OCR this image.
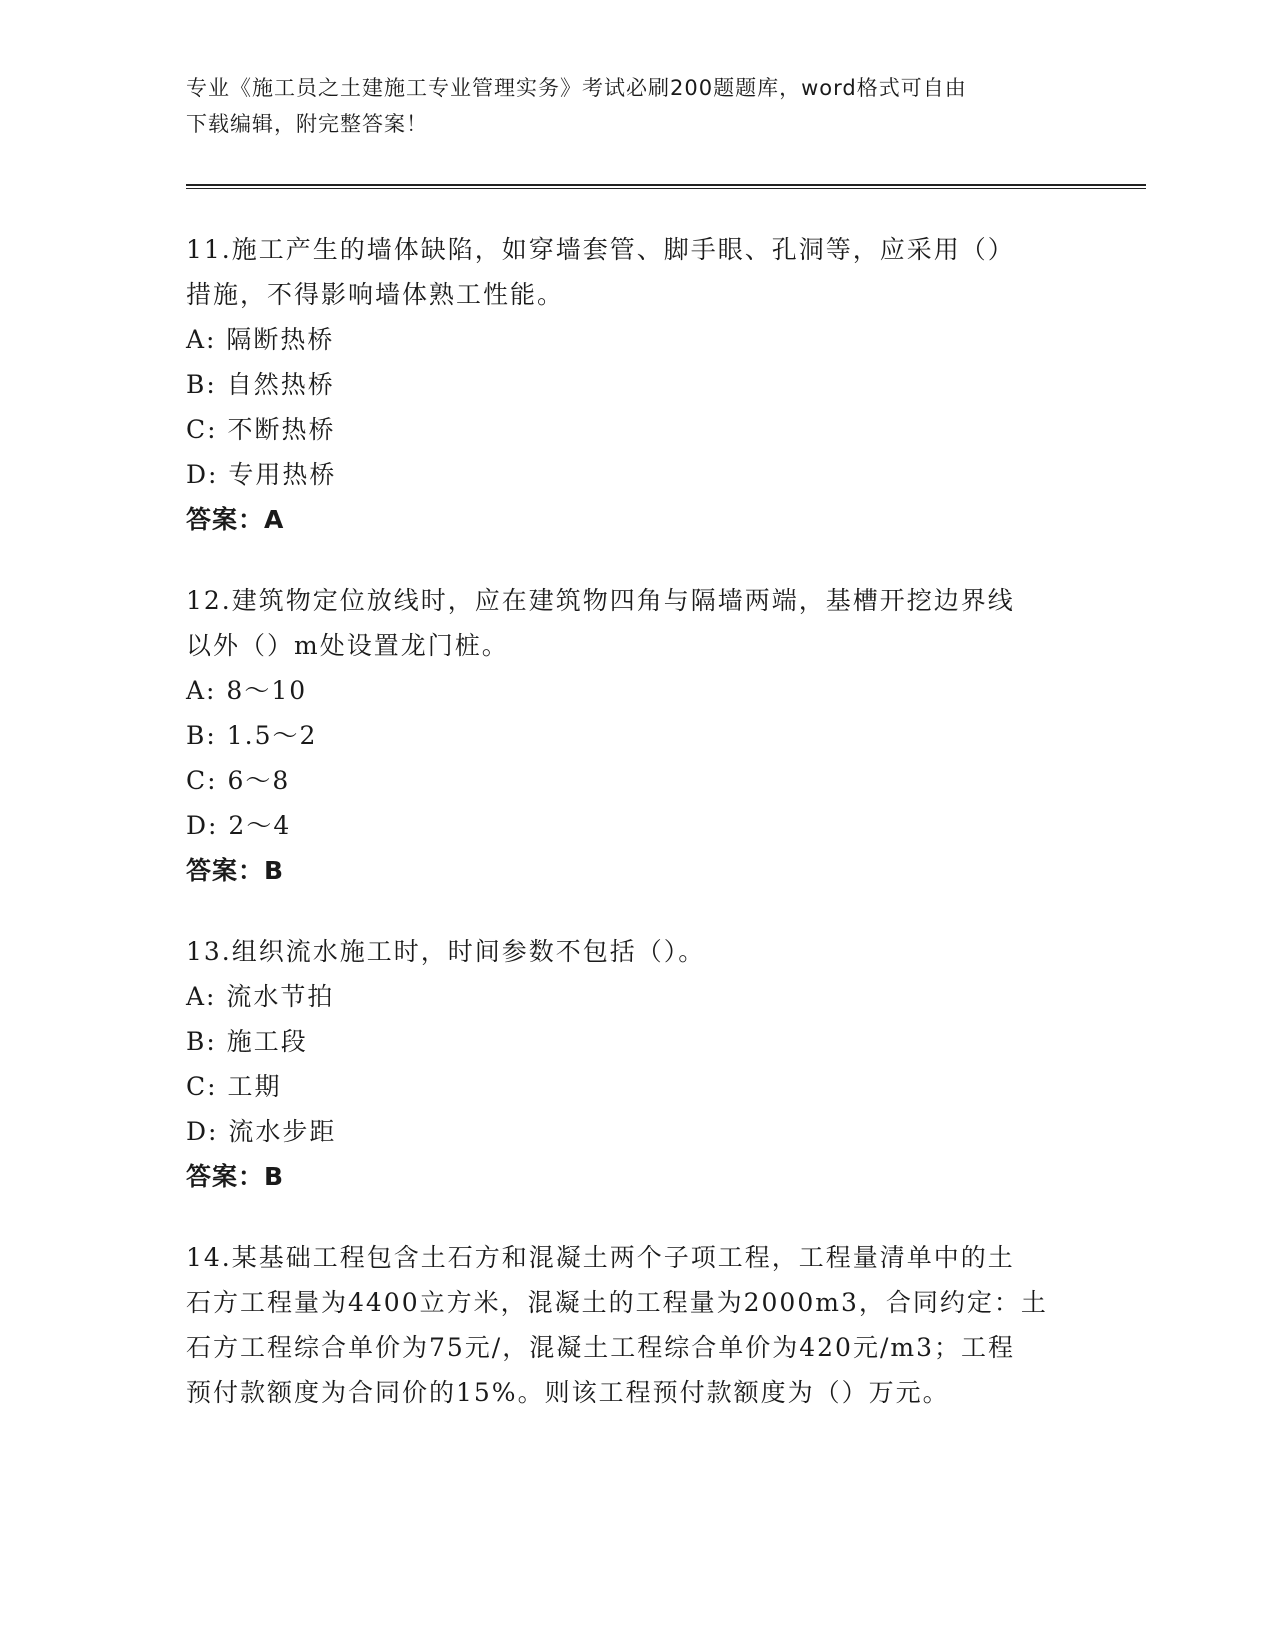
专业《施工员之土建施工专业管理实务》考试必刷200题题库，word格式可自由
下载编辑，附完整答案！
11.施工产生的墙体缺陷，如穿墙套管、脚手眼、孔洞等，应采用（）
措施，不得影响墙体熟工性能。
A: 隔断热桥
B: 自然热桥
C: 不断热桥
D: 专用热桥
答案：A
12.建筑物定位放线时，应在建筑物四角与隔墙两端，基槽开挖边界线
以外（）m处设置龙门桩。
A: 8～10
B: 1.5～2
C: 6～8
D: 2～4
答案：B
13.组织流水施工时，时间参数不包括（）。
A: 流水节拍
B: 施工段
C: 工期
D: 流水步距
答案：B
14.某基础工程包含土石方和混凝土两个子项工程，工程量清单中的土
石方工程量为4400立方米，混凝土的工程量为2000m3，合同约定：土
石方工程综合单价为75元/，混凝土工程综合单价为420元/m3；工程
预付款额度为合同价的15%。则该工程预付款额度为（）万元。
